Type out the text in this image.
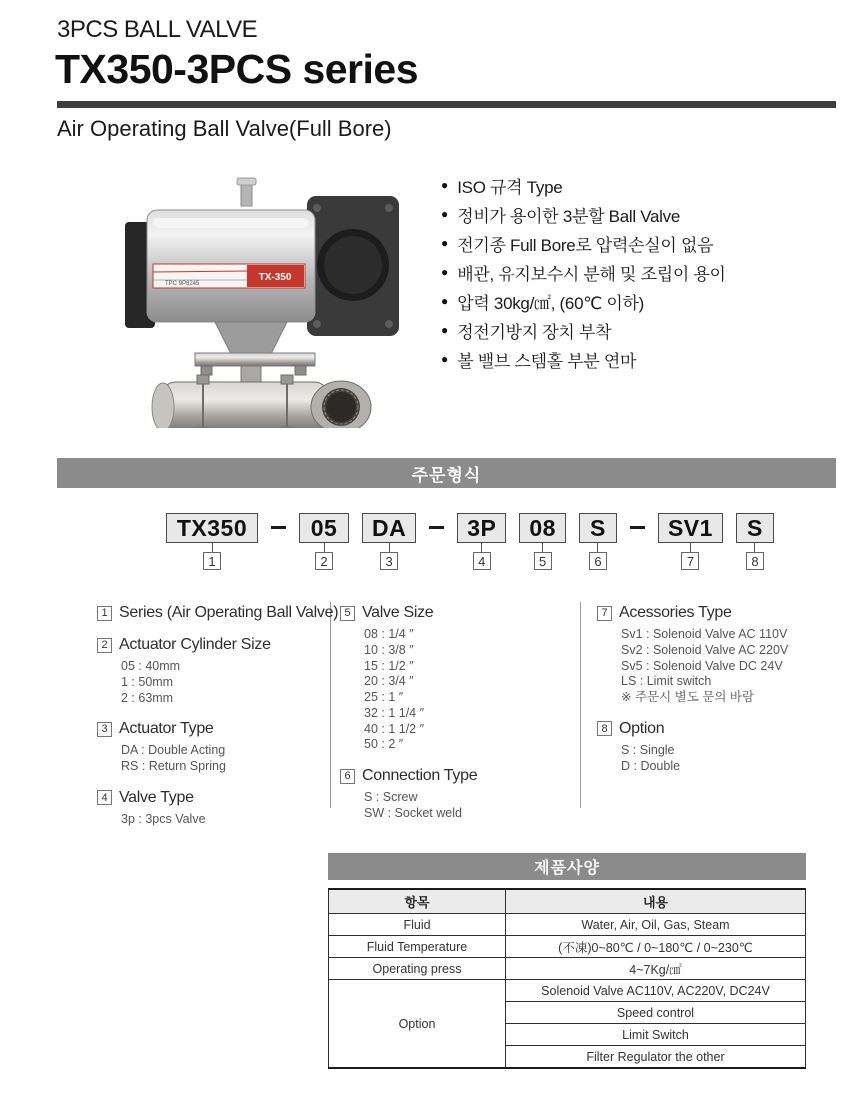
3PCS BALL VALVE
TX350-3PCS series
Air Operating Ball Valve(Full Bore)
TX-350
TPC 9P8245
● ISO 규격 Type
● 정비가 용이한 3분할 Ball Valve
● 전기종 Full Bore로 압력손실이 없음
● 배관, 유지보수시 분해 및 조립이 용이
● 압력 30kg/㎠, (60℃ 이하)
● 정전기방지 장치 부착
● 볼 밸브 스템홀 부분 연마
주문형식
TX350
1
05
2
DA
3
3P
4
08
5
S
6
SV1
7
S
8
1 Series (Air Operating Ball Valve)
2 Actuator Cylinder Size
05 : 40mm
1 : 50mm
2 : 63mm
3 Actuator Type
DA : Double Acting
RS : Return Spring
4 Valve Type
3p : 3pcs Valve
5 Valve Size
08 : 1/4 ″
10 : 3/8 ″
15 : 1/2 ″
20 : 3/4 ″
25 : 1 ″
32 : 1 1/4 ″
40 : 1 1/2 ″
50 : 2 ″
6 Connection Type
S : Screw
SW : Socket weld
7 Acessories Type
Sv1 : Solenoid Valve AC 110V
Sv2 : Solenoid Valve AC 220V
Sv5 : Solenoid Valve DC 24V
LS : Limit switch
※ 주문시 별도 문의 바람
8 Option
S : Single
D : Double
제품사양
항목	내용
Fluid	Water, Air, Oil, Gas, Steam
Fluid Temperature	(不凍)0~80℃ / 0~180℃ / 0~230℃
Operating press	4~7Kg/㎠
Option	Solenoid Valve AC110V, AC220V, DC24V
	Speed control
	Limit Switch
	Filter Regulator the other
